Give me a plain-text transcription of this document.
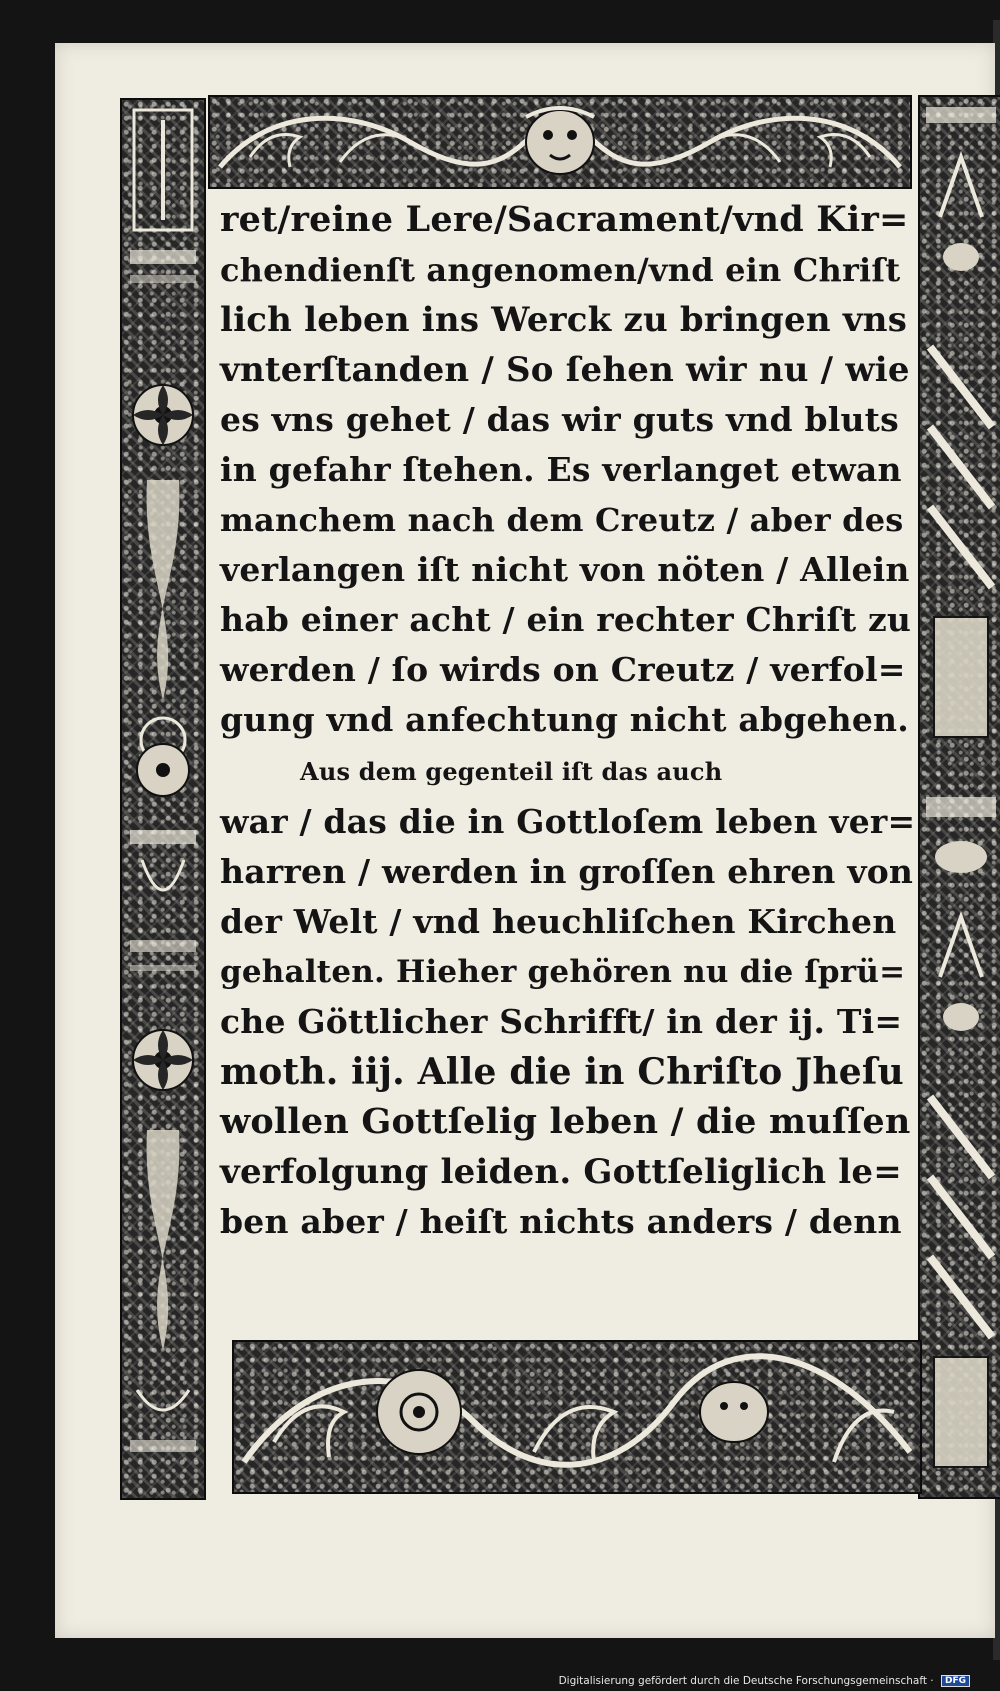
ret/reine Lere/Sacrament/vnd Kir=
chendienſt angenomen/vnd ein Chriſt
lich leben ins Werck zu bringen vns
vnterſtanden / So ſehen wir nu / wie
es vns gehet / das wir guts vnd bluts
in gefahr ſtehen. Es verlanget etwan
manchem nach dem Creutz / aber des
verlangen iſt nicht von nöten / Allein
hab einer acht / ein rechter Chriſt zu
werden / ſo wirds on Creutz / verfol=
gung vnd anfechtung nicht abgehen.
Aus dem gegenteil iſt das auch
war / das die in Gottloſem leben ver=
harren / werden in groſſen ehren von
der Welt / vnd heuchliſchen Kirchen
gehalten. Hieher gehören nu die ſprü=
che Göttlicher Schrifft/ in der ij. Ti=
moth. iij. Alle die in Chriſto Jheſu
wollen Gottſelig leben / die muſſen
verfolgung leiden. Gottſeliglich le=
ben aber / heiſt nichts anders / denn
Digitalisierung gefördert durch die Deutsche Forschungsgemeinschaft · DFG
